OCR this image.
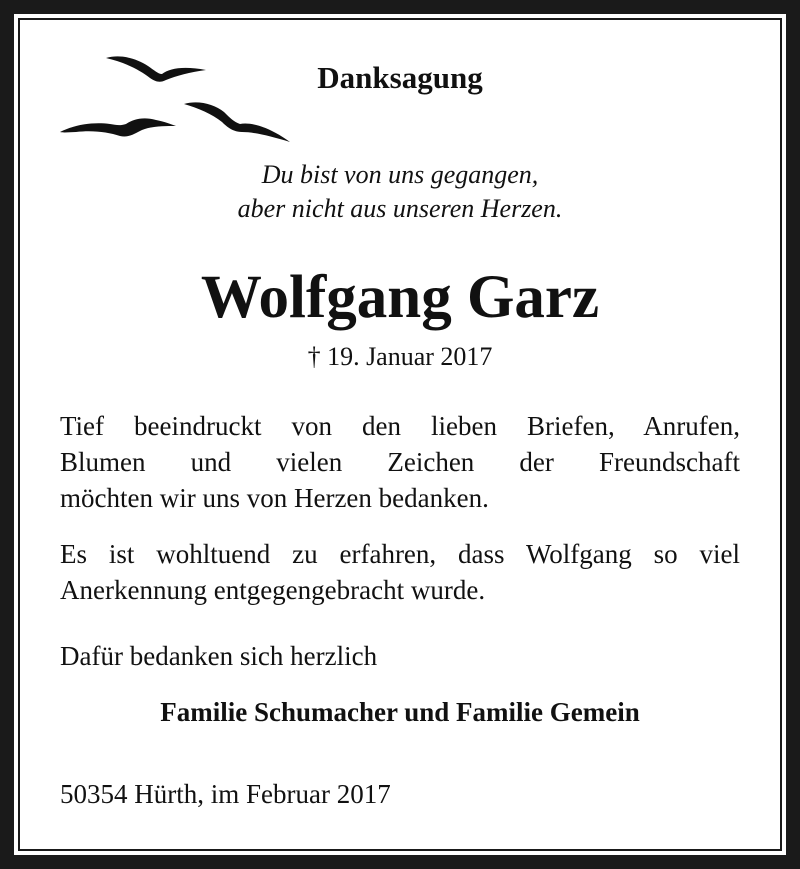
Danksagung
Du bist von uns gegangen,
aber nicht aus unseren Herzen.
Wolfgang Garz
† 19. Januar 2017
Tief beeindruckt von den lieben Briefen, Anrufen,
Blumen und vielen Zeichen der Freundschaft
möchten wir uns von Herzen bedanken.
Es ist wohltuend zu erfahren, dass Wolfgang so viel
Anerkennung entgegengebracht wurde.
Dafür bedanken sich herzlich
Familie Schumacher und Familie Gemein
50354 Hürth, im Februar 2017
